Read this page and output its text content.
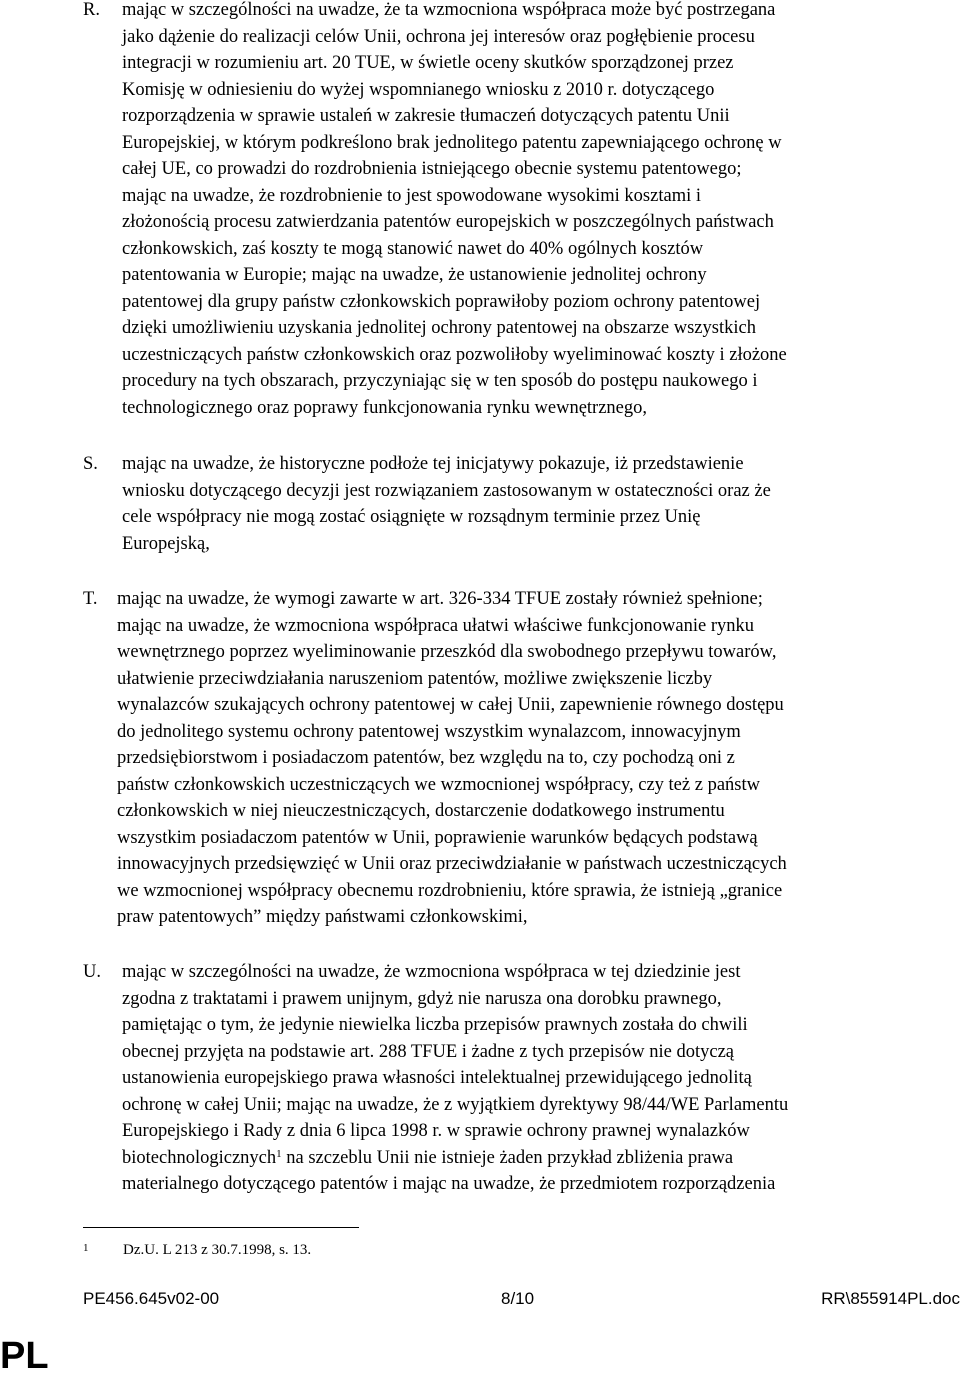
R. mając w szczególności na uwadze, że ta wzmocniona współpraca może być postrzegana
jako dążenie do realizacji celów Unii, ochrona jej interesów oraz pogłębienie procesu
integracji w rozumieniu art. 20 TUE, w świetle oceny skutków sporządzonej przez
Komisję w odniesieniu do wyżej wspomnianego wniosku z 2010 r. dotyczącego
rozporządzenia w sprawie ustaleń w zakresie tłumaczeń dotyczących patentu Unii
Europejskiej, w którym podkreślono brak jednolitego patentu zapewniającego ochronę w
całej UE, co prowadzi do rozdrobnienia istniejącego obecnie systemu patentowego;
mając na uwadze, że rozdrobnienie to jest spowodowane wysokimi kosztami i
złożonością procesu zatwierdzania patentów europejskich w poszczególnych państwach
członkowskich, zaś koszty te mogą stanowić nawet do 40% ogólnych kosztów
patentowania w Europie; mając na uwadze, że ustanowienie jednolitej ochrony
patentowej dla grupy państw członkowskich poprawiłoby poziom ochrony patentowej
dzięki umożliwieniu uzyskania jednolitej ochrony patentowej na obszarze wszystkich
uczestniczących państw członkowskich oraz pozwoliłoby wyeliminować koszty i złożone
procedury na tych obszarach, przyczyniając się w ten sposób do postępu naukowego i
technologicznego oraz poprawy funkcjonowania rynku wewnętrznego,
S. mając na uwadze, że historyczne podłoże tej inicjatywy pokazuje, iż przedstawienie
wniosku dotyczącego decyzji jest rozwiązaniem zastosowanym w ostateczności oraz że
cele współpracy nie mogą zostać osiągnięte w rozsądnym terminie przez Unię
Europejską,
T. mając na uwadze, że wymogi zawarte w art. 326-334 TFUE zostały również spełnione;
mając na uwadze, że wzmocniona współpraca ułatwi właściwe funkcjonowanie rynku
wewnętrznego poprzez wyeliminowanie przeszkód dla swobodnego przepływu towarów,
ułatwienie przeciwdziałania naruszeniom patentów, możliwe zwiększenie liczby
wynalazców szukających ochrony patentowej w całej Unii, zapewnienie równego dostępu
do jednolitego systemu ochrony patentowej wszystkim wynalazcom, innowacyjnym
przedsiębiorstwom i posiadaczom patentów, bez względu na to, czy pochodzą oni z
państw członkowskich uczestniczących we wzmocnionej współpracy, czy też z państw
członkowskich w niej nieuczestniczących, dostarczenie dodatkowego instrumentu
wszystkim posiadaczom patentów w Unii, poprawienie warunków będących podstawą
innowacyjnych przedsięwzięć w Unii oraz przeciwdziałanie w państwach uczestniczących
we wzmocnionej współpracy obecnemu rozdrobnieniu, które sprawia, że istnieją „granice
praw patentowych” między państwami członkowskimi,
U. mając w szczególności na uwadze, że wzmocniona współpraca w tej dziedzinie jest
zgodna z traktatami i prawem unijnym, gdyż nie narusza ona dorobku prawnego,
pamiętając o tym, że jedynie niewielka liczba przepisów prawnych została do chwili
obecnej przyjęta na podstawie art. 288 TFUE i żadne z tych przepisów nie dotyczą
ustanowienia europejskiego prawa własności intelektualnej przewidującego jednolitą
ochronę w całej Unii; mając na uwadze, że z wyjątkiem dyrektywy 98/44/WE Parlamentu
Europejskiego i Rady z dnia 6 lipca 1998 r. w sprawie ochrony prawnej wynalazków
biotechnologicznych$^1$ na szczeblu Unii nie istnieje żaden przykład zbliżenia prawa
materialnego dotyczącego patentów i mając na uwadze, że przedmiotem rozporządzenia
1 Dz.U. L 213 z 30.7.1998, s. 13.
PE456.645v02-00	8/10	RR\855914PL.doc
PL
